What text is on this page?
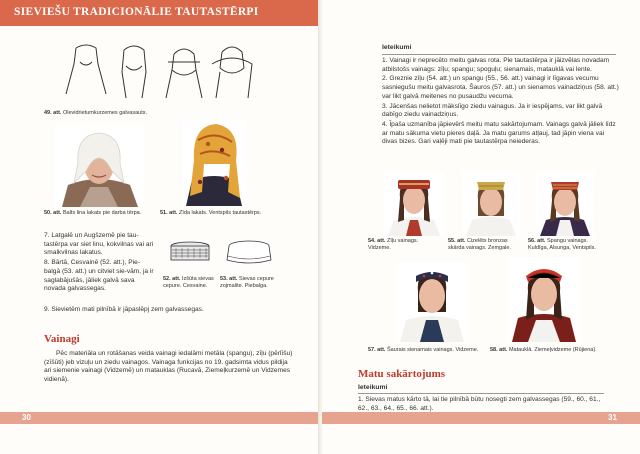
SIEVIEŠU TRADICIONĀLIE TAUTASTĒRPI
49. att. Olevidrietumkurzemes galvasauts.
50. att. Balts lina lakats pie darba tērpa.	51. att. Zīda lakats. Ventspils tautastērps.
7. Latgalē un Augšzemē pie tau-tastērpa var siet linu, kokvilnas vai ari smalkvilnas lakatus.
8. Bārtā, Cesvainē (52. att.), Pie-balgā (53. att.) un citviet sie-vām, ja ir saglabājušās, jāliek galvā sava novada galvassegas.
9. Sievietēm mati pilnībā ir jāpaslēpj zem galvassegas.
52. att. Izšūta sievas cepure. Cesvaine.
53. att. Sievas cepure zojmalite. Piebalga.
Vainagi
Pēc materiāla un rotāšanas veida vainagi iedalāmi metāla (spangu), zīļu (pērlīšu) (zīšūti) jeb vizuļu un ziedu vainagos. Vainaga funkcijas no 19. gadsimta vidus pildija ari siemenie vainagi (Vidzemē) un matauklas (Rucavā, Ziemeļkurzemē un Vidzemes vidienā).
Ieteikumi
1. Vainagi ir neprecēto meitu galvas rota. Pie tautastērpa ir jāizvēlas novadam atbilstošs vainags: zīļu; spangu; spoguļu; sienamais, matauklā vai lente.
2. Greznie zīļu (54. att.) un spangu (55., 56. att.) vainagi ir līgavas vecumu sasniegušu meitu galvasrota. Šauros (57. att.) un sienamos vainadziņus (58. att.) var likt galvā meitenes no pusaudžu vecuma.
3. Jācenšas nelietot mākslīgo ziedu vainagus. Ja ir iespējams, var likt galvā dabīgo ziedu vainadziņus.
4. Īpaša uzmanība jāpievērš meitu matu sakārtojumam. Vainags galvā jāliek līdz ar matu sākuma vietu pieres daļā. Ja matu garums atļauj, tad jāpin viena vai divas bizes. Gari vaļēji mati pie tautastērpa neiederas.
54. att. Zīļu vainags. Vidzeme.
55. att. Cizelēts bronzas skārda vainags. Zemgale.
56. att. Spangu vainags. Kuldīga, Alsunga, Ventspils.
57. att. Šaurais sienamais vainags. Vidzeme.	58. att. Matauklā. Ziemeļvidzeme (Rūjiena).
Matu sakārtojums
Ieteikumi
1. Sievas matus kārto tā, lai tie pilnībā būtu nosegti zem galvassegas (59., 60., 61., 62., 63., 64., 65., 66. att.).
30	31
